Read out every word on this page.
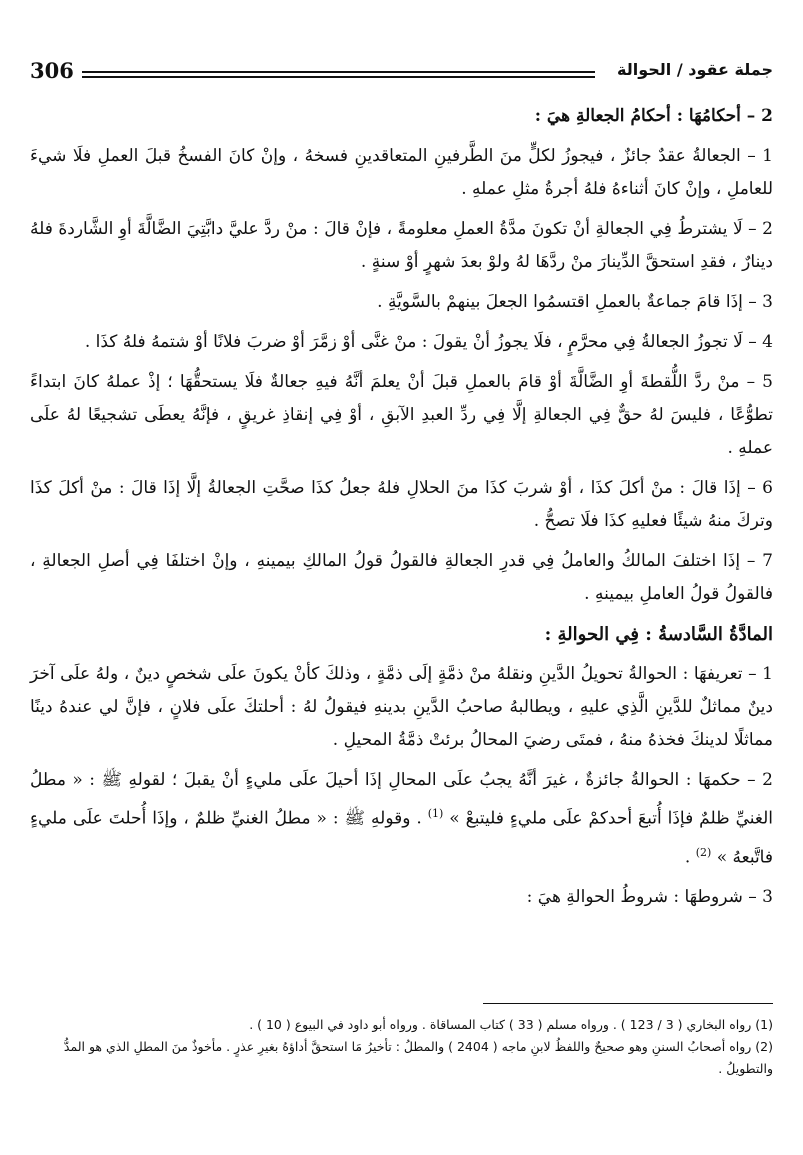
306	جملة عقود / الحوالة

2 – أحكامُهَا : أحكامُ الجعالةِ هيَ :

1 – الجعالةُ عقدٌ جائزٌ ، فيجوزُ لكلٍّ منَ الطَّرفينِ المتعاقدينِ فسخهُ ، وإنْ كانَ الفسخُ قبلَ العملِ فلَا شيءَ للعاملِ ، وإنْ كانَ أثناءهُ فلهُ أجرةُ مثلِ عملهِ .

2 – لَا يشترطُ فِي الجعالةِ أنْ تكونَ مدَّةُ العملِ معلومةً ، فإنْ قالَ : منْ ردَّ عليَّ دابَّتِيَ الضَّالَّةَ أوِ الشَّاردةَ فلهُ دينارٌ ، فقدِ استحقَّ الدِّينارَ منْ ردَّهَا لهُ ولوْ بعدَ شهرٍ أوْ سنةٍ .

3 – إذَا قامَ جماعةٌ بالعملِ اقتسمُوا الجعلَ بينهمْ بالسَّويَّةِ .

4 – لَا تجوزُ الجعالةُ فِي محرَّمٍ ، فلَا يجوزُ أنْ يقولَ : منْ غنَّى أوْ زمَّرَ أوْ ضربَ فلانًا أوْ شتمهُ فلهُ كذَا .

5 – منْ ردَّ اللُّقطةَ أوِ الضَّالَّةَ أوْ قامَ بالعملِ قبلَ أنْ يعلمَ أنَّهُ فيهِ جعالةٌ فلَا يستحقُّهَا ؛ إذْ عملهُ كانَ ابتداءً تطوُّعًا ، فليسَ لهُ حقٌّ فِي الجعالةِ إلَّا فِي ردِّ العبدِ الآبقِ ، أوْ فِي إنقاذِ غريقٍ ، فإنَّهُ يعطَى تشجيعًا لهُ علَى عملهِ .

6 – إذَا قالَ : منْ أكلَ كذَا ، أوْ شربَ كذَا منَ الحلالِ فلهُ جعلُ كذَا صحَّتِ الجعالةُ إلَّا إذَا قالَ : منْ أكلَ كذَا وتركَ منهُ شيئًا فعليهِ كذَا فلَا تصحُّ .

7 – إذَا اختلفَ المالكُ والعاملُ فِي قدرِ الجعالةِ فالقولُ قولُ المالكِ بيمينهِ ، وإنْ اختلفَا فِي أصلِ الجعالةِ ، فالقولُ قولُ العاملِ بيمينهِ .

المادَّةُ السَّادسةُ : فِي الحوالةِ :

1 – تعريفهَا : الحوالةُ تحويلُ الدَّينِ ونقلهُ منْ ذمَّةٍ إلَى ذمَّةٍ ، وذلكَ كأنْ يكونَ علَى شخصٍ دينٌ ، ولهُ علَى آخرَ دينٌ مماثلٌ للدَّينِ الَّذِي عليهِ ، ويطالبهُ صاحبُ الدَّينِ بدينهِ فيقولُ لهُ : أحلتكَ علَى فلانٍ ، فإنَّ لي عندهُ دينًا مماثلًا لدينكَ فخذهُ منهُ ، فمتَى رضيَ المحالُ برئتْ ذمَّةُ المحيلِ .

2 – حكمهَا : الحوالةُ جائزةٌ ، غيرَ أنَّهُ يجبُ علَى المحالِ إذَا أحيلَ علَى مليءٍ أنْ يقبلَ ؛ لقولهِ ﷺ : « مطلُ الغنيِّ ظلمٌ فإذَا أُتبعَ أحدكمْ علَى مليءٍ فليتبعْ » $^{(1)}$ . وقولهِ ﷺ : « مطلُ الغنيِّ ظلمٌ ، وإذَا أُحلتَ علَى مليءٍ فاتَّبعهُ » $^{(2)}$ .

3 – شروطهَا : شروطُ الحوالةِ هيَ :

(1) رواه البخاري ( 3 / 123 ) . ورواه مسلم ( 33 ) كتاب المساقاة . ورواه أبو داود في البيوع ( 10 ) .

(2) رواه أصحابُ السننِ وهو صحيحٌ واللفظُ لابنِ ماجه ( 2404 ) والمطلُ : تأخيرُ مَا استحقَّ أداؤهُ بغيرِ عذرٍ . مأخوذٌ منَ المطلِ الذي هو المدُّ والتطويلُ .
